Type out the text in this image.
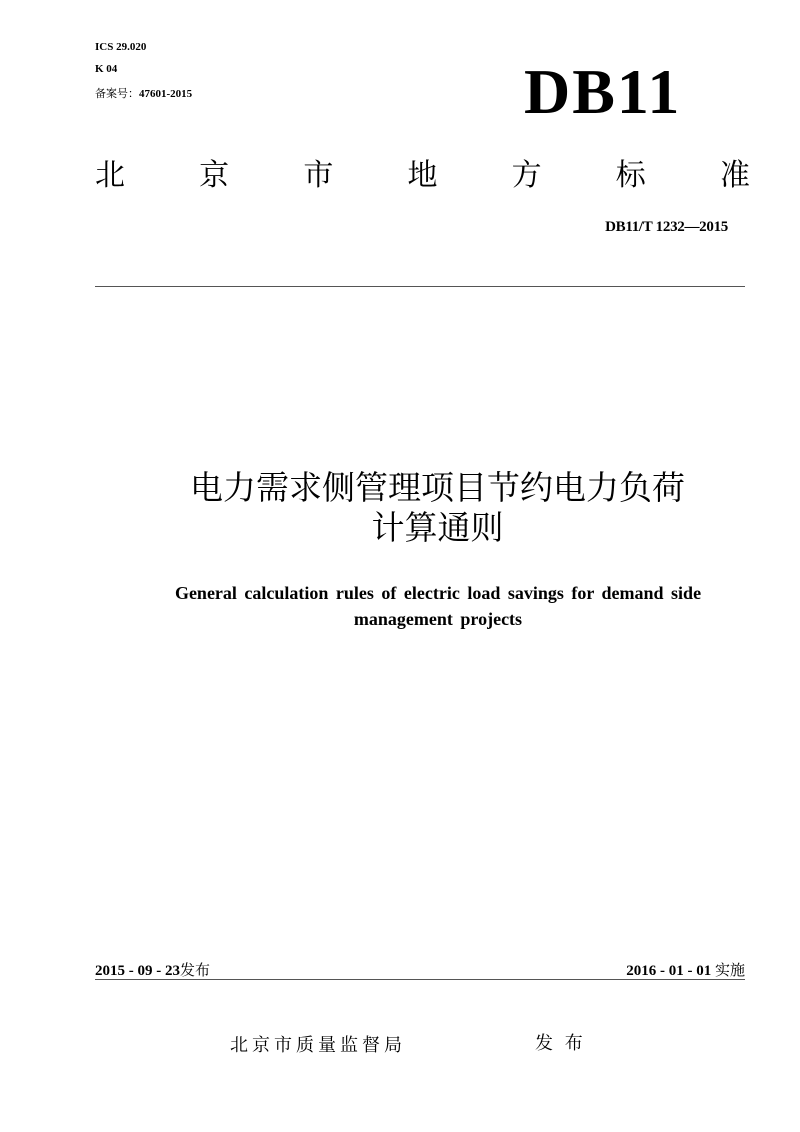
ICS 29.020
K 04
备案号：47601-2015	DB11
北 京 市 地 方 标 准
DB11/T 1232—2015
电力需求侧管理项目节约电力负荷
计算通则
General calculation rules of electric load savings for demand side
management projects
2015 - 09 - 23发布	2016 - 01 - 01 实施
北京市质量监督局	发 布
